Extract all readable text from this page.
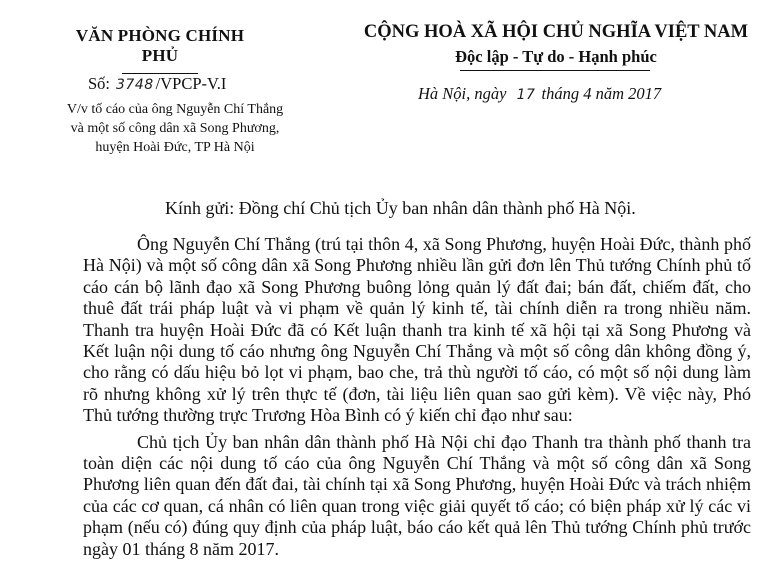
VĂN PHÒNG CHÍNH PHỦ
CỘNG HOÀ XÃ HỘI CHỦ NGHĨA VIỆT NAM
Độc lập - Tự do - Hạnh phúc
Số: 3748 /VPCP-V.I
Hà Nội, ngày 17 tháng 4 năm 2017
V/v tố cáo của ông Nguyễn Chí Thắng
và một số công dân xã Song Phương,
huyện Hoài Đức, TP Hà Nội
Kính gửi: Đồng chí Chủ tịch Ủy ban nhân dân thành phố Hà Nội.

Ông Nguyễn Chí Thắng (trú tại thôn 4, xã Song Phương, huyện Hoài Đức, thành phố Hà Nội) và một số công dân xã Song Phương nhiều lần gửi đơn lên Thủ tướng Chính phủ tố cáo cán bộ lãnh đạo xã Song Phương buông lỏng quản lý đất đai; bán đất, chiếm đất, cho thuê đất trái pháp luật và vi phạm về quản lý kinh tế, tài chính diễn ra trong nhiều năm. Thanh tra huyện Hoài Đức đã có Kết luận thanh tra kinh tế xã hội tại xã Song Phương và Kết luận nội dung tố cáo nhưng ông Nguyễn Chí Thắng và một số công dân không đồng ý, cho rằng có dấu hiệu bỏ lọt vi phạm, bao che, trả thù người tố cáo, có một số nội dung làm rõ nhưng không xử lý trên thực tế (đơn, tài liệu liên quan sao gửi kèm). Về việc này, Phó Thủ tướng thường trực Trương Hòa Bình có ý kiến chỉ đạo như sau:

Chủ tịch Ủy ban nhân dân thành phố Hà Nội chỉ đạo Thanh tra thành phố thanh tra toàn diện các nội dung tố cáo của ông Nguyễn Chí Thắng và một số công dân xã Song Phương liên quan đến đất đai, tài chính tại xã Song Phương, huyện Hoài Đức và trách nhiệm của các cơ quan, cá nhân có liên quan trong việc giải quyết tố cáo; có biện pháp xử lý các vi phạm (nếu có) đúng quy định của pháp luật, báo cáo kết quả lên Thủ tướng Chính phủ trước ngày 01 tháng 8 năm 2017.
